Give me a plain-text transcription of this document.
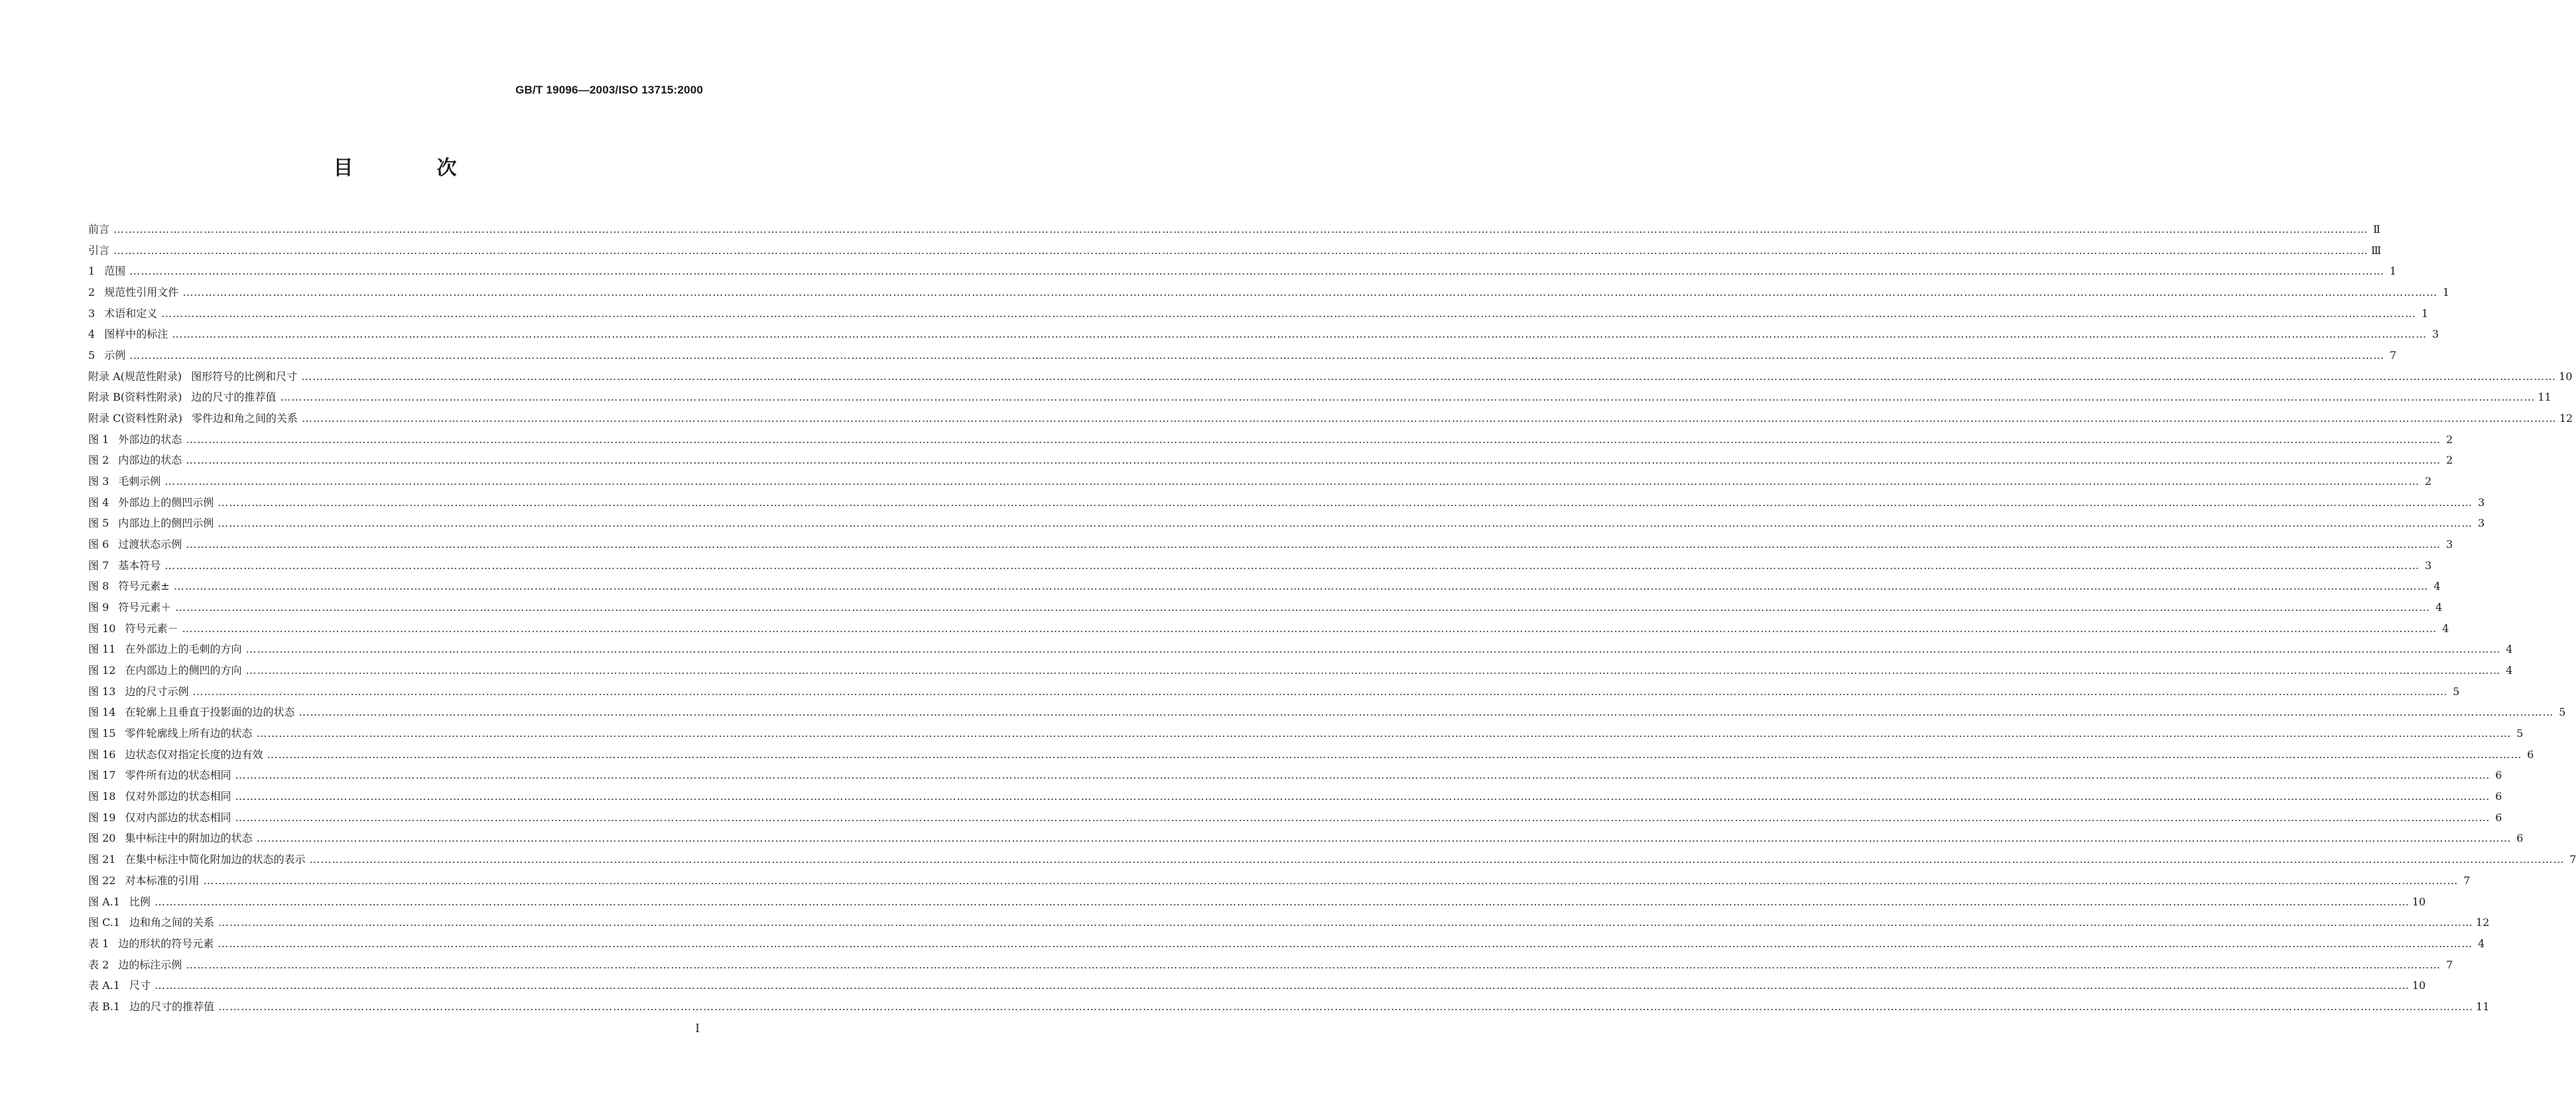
GB/T 19096—2003/ISO 13715:2000
目　次
前言 …………………………………………………………………………………………………………………………………………………………………………………………………………………………………………………………………………………………………………………………………………………………………………………………………………………………………………………………………………………………………………………………………………………… Ⅱ
引言 …………………………………………………………………………………………………………………………………………………………………………………………………………………………………………………………………………………………………………………………………………………………………………………………………………………………………………………………………………………………………………………………………………………… Ⅲ
1 范围 …………………………………………………………………………………………………………………………………………………………………………………………………………………………………………………………………………………………………………………………………………………………………………………………………………………………………………………………………………………………………………………………………………………… 1
2 规范性引用文件 …………………………………………………………………………………………………………………………………………………………………………………………………………………………………………………………………………………………………………………………………………………………………………………………………………………………………………………………………………………………………………………………………………………… 1
3 术语和定义 …………………………………………………………………………………………………………………………………………………………………………………………………………………………………………………………………………………………………………………………………………………………………………………………………………………………………………………………………………………………………………………………………………………… 1
4 图样中的标注 …………………………………………………………………………………………………………………………………………………………………………………………………………………………………………………………………………………………………………………………………………………………………………………………………………………………………………………………………………………………………………………………………………………… 3
5 示例 …………………………………………………………………………………………………………………………………………………………………………………………………………………………………………………………………………………………………………………………………………………………………………………………………………………………………………………………………………………………………………………………………………………… 7
附录 A(规范性附录) 图形符号的比例和尺寸 …………………………………………………………………………………………………………………………………………………………………………………………………………………………………………………………………………………………………………………………………………………………………………………………………………………………………………………………………………………………………………………………………………………… 10
附录 B(资料性附录) 边的尺寸的推荐值 …………………………………………………………………………………………………………………………………………………………………………………………………………………………………………………………………………………………………………………………………………………………………………………………………………………………………………………………………………………………………………………………………………………… 11
附录 C(资料性附录) 零件边和角之间的关系 …………………………………………………………………………………………………………………………………………………………………………………………………………………………………………………………………………………………………………………………………………………………………………………………………………………………………………………………………………………………………………………………………………………… 12
图 1 外部边的状态 …………………………………………………………………………………………………………………………………………………………………………………………………………………………………………………………………………………………………………………………………………………………………………………………………………………………………………………………………………………………………………………………………………………… 2
图 2 内部边的状态 …………………………………………………………………………………………………………………………………………………………………………………………………………………………………………………………………………………………………………………………………………………………………………………………………………………………………………………………………………………………………………………………………………………… 2
图 3 毛刺示例 …………………………………………………………………………………………………………………………………………………………………………………………………………………………………………………………………………………………………………………………………………………………………………………………………………………………………………………………………………………………………………………………………………………… 2
图 4 外部边上的侧凹示例 …………………………………………………………………………………………………………………………………………………………………………………………………………………………………………………………………………………………………………………………………………………………………………………………………………………………………………………………………………………………………………………………………………………… 3
图 5 内部边上的侧凹示例 …………………………………………………………………………………………………………………………………………………………………………………………………………………………………………………………………………………………………………………………………………………………………………………………………………………………………………………………………………………………………………………………………………………… 3
图 6 过渡状态示例 …………………………………………………………………………………………………………………………………………………………………………………………………………………………………………………………………………………………………………………………………………………………………………………………………………………………………………………………………………………………………………………………………………………… 3
图 7 基本符号 …………………………………………………………………………………………………………………………………………………………………………………………………………………………………………………………………………………………………………………………………………………………………………………………………………………………………………………………………………………………………………………………………………………… 3
图 8 符号元素± …………………………………………………………………………………………………………………………………………………………………………………………………………………………………………………………………………………………………………………………………………………………………………………………………………………………………………………………………………………………………………………………………………………… 4
图 9 符号元素＋ …………………………………………………………………………………………………………………………………………………………………………………………………………………………………………………………………………………………………………………………………………………………………………………………………………………………………………………………………………………………………………………………………………………… 4
图 10 符号元素－ …………………………………………………………………………………………………………………………………………………………………………………………………………………………………………………………………………………………………………………………………………………………………………………………………………………………………………………………………………………………………………………………………………………… 4
图 11 在外部边上的毛刺的方向 …………………………………………………………………………………………………………………………………………………………………………………………………………………………………………………………………………………………………………………………………………………………………………………………………………………………………………………………………………………………………………………………………………………… 4
图 12 在内部边上的侧凹的方向 …………………………………………………………………………………………………………………………………………………………………………………………………………………………………………………………………………………………………………………………………………………………………………………………………………………………………………………………………………………………………………………………………………………… 4
图 13 边的尺寸示例 …………………………………………………………………………………………………………………………………………………………………………………………………………………………………………………………………………………………………………………………………………………………………………………………………………………………………………………………………………………………………………………………………………………… 5
图 14 在轮廓上且垂直于投影面的边的状态 …………………………………………………………………………………………………………………………………………………………………………………………………………………………………………………………………………………………………………………………………………………………………………………………………………………………………………………………………………………………………………………………………………………… 5
图 15 零件轮廓线上所有边的状态 …………………………………………………………………………………………………………………………………………………………………………………………………………………………………………………………………………………………………………………………………………………………………………………………………………………………………………………………………………………………………………………………………………………… 5
图 16 边状态仅对指定长度的边有效 …………………………………………………………………………………………………………………………………………………………………………………………………………………………………………………………………………………………………………………………………………………………………………………………………………………………………………………………………………………………………………………………………………………… 6
图 17 零件所有边的状态相同 …………………………………………………………………………………………………………………………………………………………………………………………………………………………………………………………………………………………………………………………………………………………………………………………………………………………………………………………………………………………………………………………………………………… 6
图 18 仅对外部边的状态相同 …………………………………………………………………………………………………………………………………………………………………………………………………………………………………………………………………………………………………………………………………………………………………………………………………………………………………………………………………………………………………………………………………………………… 6
图 19 仅对内部边的状态相同 …………………………………………………………………………………………………………………………………………………………………………………………………………………………………………………………………………………………………………………………………………………………………………………………………………………………………………………………………………………………………………………………………………………… 6
图 20 集中标注中的附加边的状态 …………………………………………………………………………………………………………………………………………………………………………………………………………………………………………………………………………………………………………………………………………………………………………………………………………………………………………………………………………………………………………………………………………………… 6
图 21 在集中标注中简化附加边的状态的表示 …………………………………………………………………………………………………………………………………………………………………………………………………………………………………………………………………………………………………………………………………………………………………………………………………………………………………………………………………………………………………………………………………………………… 7
图 22 对本标准的引用 …………………………………………………………………………………………………………………………………………………………………………………………………………………………………………………………………………………………………………………………………………………………………………………………………………………………………………………………………………………………………………………………………………………… 7
图 A.1 比例 …………………………………………………………………………………………………………………………………………………………………………………………………………………………………………………………………………………………………………………………………………………………………………………………………………………………………………………………………………………………………………………………………………………… 10
图 C.1 边和角之间的关系 …………………………………………………………………………………………………………………………………………………………………………………………………………………………………………………………………………………………………………………………………………………………………………………………………………………………………………………………………………………………………………………………………………………… 12
表 1 边的形状的符号元素 …………………………………………………………………………………………………………………………………………………………………………………………………………………………………………………………………………………………………………………………………………………………………………………………………………………………………………………………………………………………………………………………………………………… 4
表 2 边的标注示例 …………………………………………………………………………………………………………………………………………………………………………………………………………………………………………………………………………………………………………………………………………………………………………………………………………………………………………………………………………………………………………………………………………………… 7
表 A.1 尺寸 …………………………………………………………………………………………………………………………………………………………………………………………………………………………………………………………………………………………………………………………………………………………………………………………………………………………………………………………………………………………………………………………………………………… 10
表 B.1 边的尺寸的推荐值 …………………………………………………………………………………………………………………………………………………………………………………………………………………………………………………………………………………………………………………………………………………………………………………………………………………………………………………………………………………………………………………………………………………… 11
I
